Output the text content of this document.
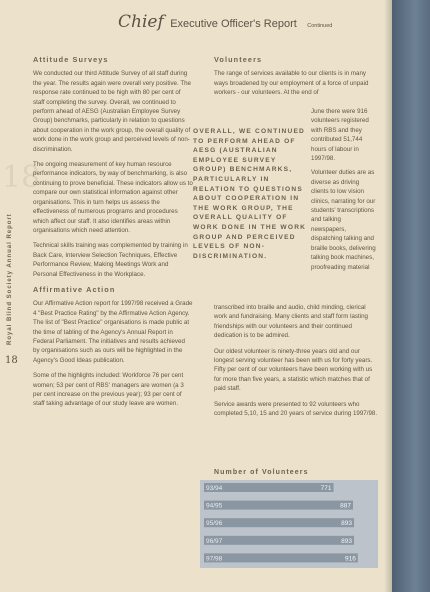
18
Chief Executive Officer's Report Continued
Royal Blind Society Annual Report
18
Attitude Surveys

We conducted our third Attitude Survey of all staff during the year. The results again were overall very positive. The response rate continued to be high with 80 per cent of staff completing the survey. Overall, we continued to perform ahead of AESG (Australian Employee Survey Group) benchmarks, particularly in relation to questions about cooperation in the work group, the overall quality of work done in the work group and perceived levels of non-discrimination.

The ongoing measurement of key human resource performance indicators, by way of benchmarking, is also continuing to prove beneficial. These indicators allow us to compare our own statistical information against other organisations. This in turn helps us assess the effectiveness of numerous programs and procedures which affect our staff. It also identifies areas within organisations which need attention.

Technical skills training was complemented by training in Back Care, Interview Selection Techniques, Effective Performance Review, Making Meetings Work and Personal Effectiveness in the Workplace.

Affirmative Action

Our Affirmative Action report for 1997/98 received a Grade 4 "Best Practice Rating" by the Affirmative Action Agency. The list of "Best Practice" organisations is made public at the time of tabling of the Agency's Annual Report in Federal Parliament. The initiatives and results achieved by organisations such as ours will be highlighted in the Agency's Good Ideas publication.

Some of the highlights included: Workforce 76 per cent women; 53 per cent of RBS' managers are women (a 3 per cent increase on the previous year); 93 per cent of staff taking advantage of our study leave are women.

Volunteers

The range of services available to our clients is in many ways broadened by our employment of a force of unpaid workers - our volunteers. At the end of

OVERALL, WE CONTINUED TO PERFORM AHEAD OF AESG (AUSTRALIAN EMPLOYEE SURVEY GROUP) BENCHMARKS, PARTICULARLY IN RELATION TO QUESTIONS ABOUT COOPERATION IN THE WORK GROUP, THE OVERALL QUALITY OF WORK DONE IN THE WORK GROUP AND PERCEIVED LEVELS OF NON-DISCRIMINATION.

June there were 916 volunteers registered with RBS and they contributed 51,744 hours of labour in 1997/98.

Volunteer duties are as diverse as driving clients to low vision clinics, narrating for our students' transcriptions and talking newspapers, dispatching talking and braille books, delivering talking book machines, proofreading material

transcribed into braille and audio, child minding, clerical work and fundraising. Many clients and staff form lasting friendships with our volunteers and their continued dedication is to be admired.

Our oldest volunteer is ninety-three years old and our longest serving volunteer has been with us for forty years. Fifty per cent of our volunteers have been working with us for more than five years, a statistic which matches that of paid staff.

Service awards were presented to 92 volunteers who completed 5,10, 15 and 20 years of service during 1997/98.

Number of Volunteers
93/94	771
94/95	887
95/96	893
96/97	893
97/98	916
